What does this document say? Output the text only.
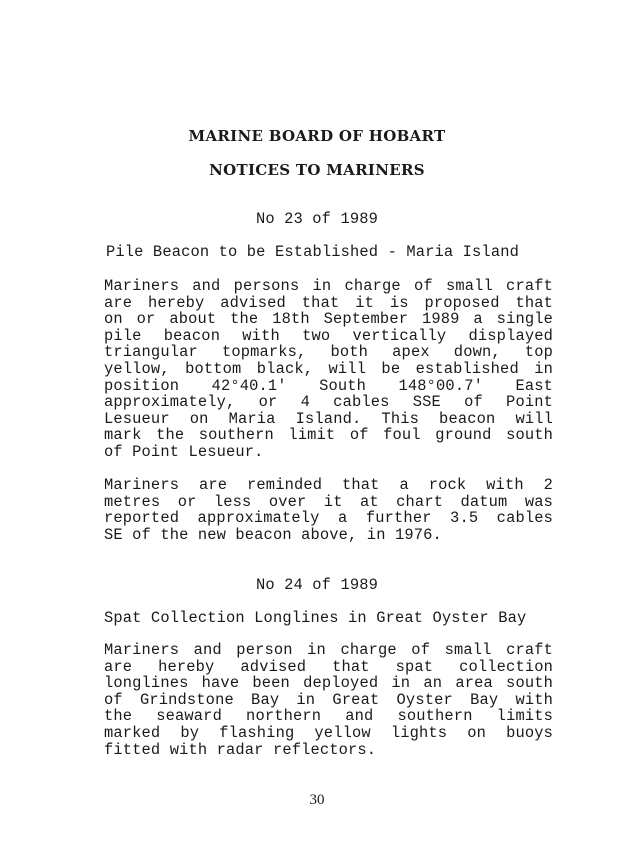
MARINE BOARD OF HOBART
NOTICES TO MARINERS
No 23 of 1989
Pile Beacon to be Established - Maria Island
Mariners and persons in charge of small craft
are hereby advised that it is proposed that
on or about the 18th September 1989 a single
pile beacon with two vertically displayed
triangular topmarks, both apex down, top
yellow, bottom black, will be established in
position 42°40.1' South 148°00.7' East
approximately, or 4 cables SSE of Point
Lesueur on Maria Island. This beacon will
mark the southern limit of foul ground south
of Point Lesueur.
Mariners are reminded that a rock with 2
metres or less over it at chart datum was
reported approximately a further 3.5 cables
SE of the new beacon above, in 1976.
No 24 of 1989
Spat Collection Longlines in Great Oyster Bay
Mariners and person in charge of small craft
are hereby advised that spat collection
longlines have been deployed in an area south
of Grindstone Bay in Great Oyster Bay with
the seaward northern and southern limits
marked by flashing yellow lights on buoys
fitted with radar reflectors.
30
